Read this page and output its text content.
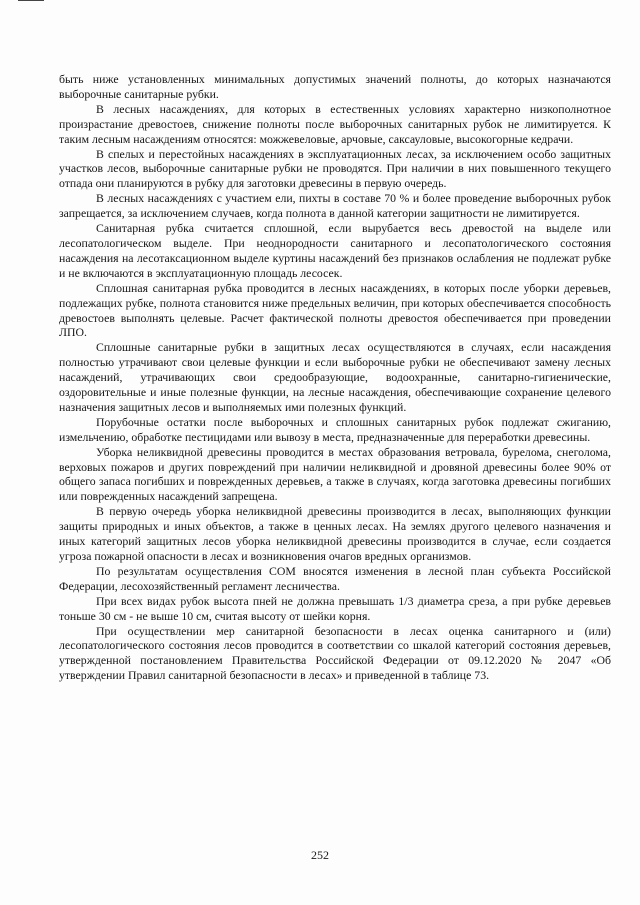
быть ниже установленных минимальных допустимых значений полноты, до которых назначаются выборочные санитарные рубки.

В лесных насаждениях, для которых в естественных условиях характерно низкополнотное произрастание древостоев, снижение полноты после выборочных санитарных рубок не лимитируется. К таким лесным насаждениям относятся: можжевеловые, арчовые, саксауловые, высокогорные кедрачи.

В спелых и перестойных насаждениях в эксплуатационных лесах, за исключением особо защитных участков лесов, выборочные санитарные рубки не проводятся. При наличии в них повышенного текущего отпада они планируются в рубку для заготовки древесины в первую очередь.

В лесных насаждениях с участием ели, пихты в составе 70 % и более проведение выборочных рубок запрещается, за исключением случаев, когда полнота в данной категории защитности не лимитируется.

Санитарная рубка считается сплошной, если вырубается весь древостой на выделе или лесопатологическом выделе. При неоднородности санитарного и лесопатологического состояния насаждения на лесотаксационном выделе куртины насаждений без признаков ослабления не подлежат рубке и не включаются в эксплуатационную площадь лесосек.

Сплошная санитарная рубка проводится в лесных насаждениях, в которых после уборки деревьев, подлежащих рубке, полнота становится ниже предельных величин, при которых обеспечивается способность древостоев выполнять целевые. Расчет фактической полноты древостоя обеспечивается при проведении ЛПО.

Сплошные санитарные рубки в защитных лесах осуществляются в случаях, если насаждения полностью утрачивают свои целевые функции и если выборочные рубки не обеспечивают замену лесных насаждений, утрачивающих свои средообразующие, водоохранные, санитарно-гигиенические, оздоровительные и иные полезные функции, на лесные насаждения, обеспечивающие сохранение целевого назначения защитных лесов и выполняемых ими полезных функций.

Порубочные остатки после выборочных и сплошных санитарных рубок подлежат сжиганию, измельчению, обработке пестицидами или вывозу в места, предназначенные для переработки древесины.

Уборка неликвидной древесины проводится в местах образования ветровала, бурелома, снеголома, верховых пожаров и других повреждений при наличии неликвидной и дровяной древесины более 90% от общего запаса погибших и поврежденных деревьев, а также в случаях, когда заготовка древесины погибших или поврежденных насаждений запрещена.

В первую очередь уборка неликвидной древесины производится в лесах, выполняющих функции защиты природных и иных объектов, а также в ценных лесах. На землях другого целевого назначения и иных категорий защитных лесов уборка неликвидной древесины производится в случае, если создается угроза пожарной опасности в лесах и возникновения очагов вредных организмов.

По результатам осуществления СОМ вносятся изменения в лесной план субъекта Российской Федерации, лесохозяйственный регламент лесничества.

При всех видах рубок высота пней не должна превышать 1/3 диаметра среза, а при рубке деревьев тоньше 30 см - не выше 10 см, считая высоту от шейки корня.

При осуществлении мер санитарной безопасности в лесах оценка санитарного и (или) лесопатологического состояния лесов проводится в соответствии со шкалой категорий состояния деревьев, утвержденной постановлением Правительства Российской Федерации от 09.12.2020 № 2047 «Об утверждении Правил санитарной безопасности в лесах» и приведенной в таблице 73.

252
